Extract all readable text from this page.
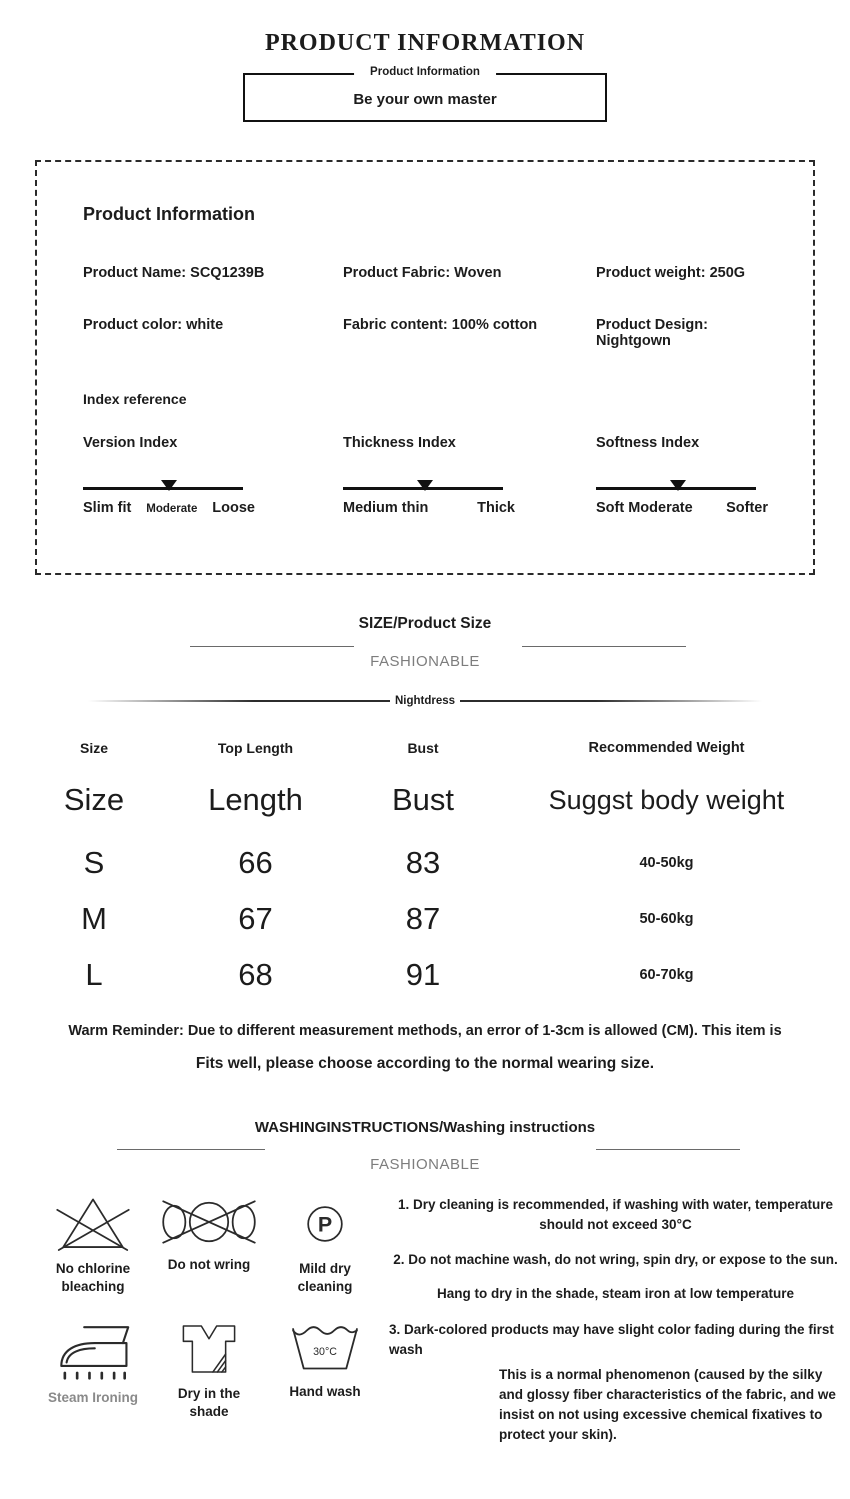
PRODUCT INFORMATION
Product Information
Be your own master
Product Information
Product Name: SCQ1239B	Product Fabric: Woven	Product weight: 250G
Product color: white	Fabric content: 100% cotton	Product Design: Nightgown
Index reference
Version Index
Slim fit Moderate Loose
Thickness Index
Medium thin	Thick
Softness Index
Soft Moderate Softer
SIZE/Product Size
FASHIONABLE
Nightdress
Size	Top Length	Bust	Recommended Weight
Size	Length	Bust	Suggst body weight
S	66	83	40-50kg
M	67	87	50-60kg
L	68	91	60-70kg
Warm Reminder: Due to different measurement methods, an error of 1-3cm is allowed (CM). This item is
Fits well, please choose according to the normal wearing size.
WASHINGINSTRUCTIONS/Washing instructions
FASHIONABLE
No chlorine bleaching
Do not wring
P
Mild dry cleaning
1. Dry cleaning is recommended, if washing with water, temperature should not exceed 30°C
2. Do not machine wash, do not wring, spin dry, or expose to the sun.
Hang to dry in the shade, steam iron at low temperature
Steam Ironing	Dry in the shade
30°C
Hand wash
3. Dark-colored products may have slight color fading during the first wash
This is a normal phenomenon (caused by the silky and glossy fiber characteristics of the fabric, and we insist on not using excessive chemical fixatives to protect your skin).
